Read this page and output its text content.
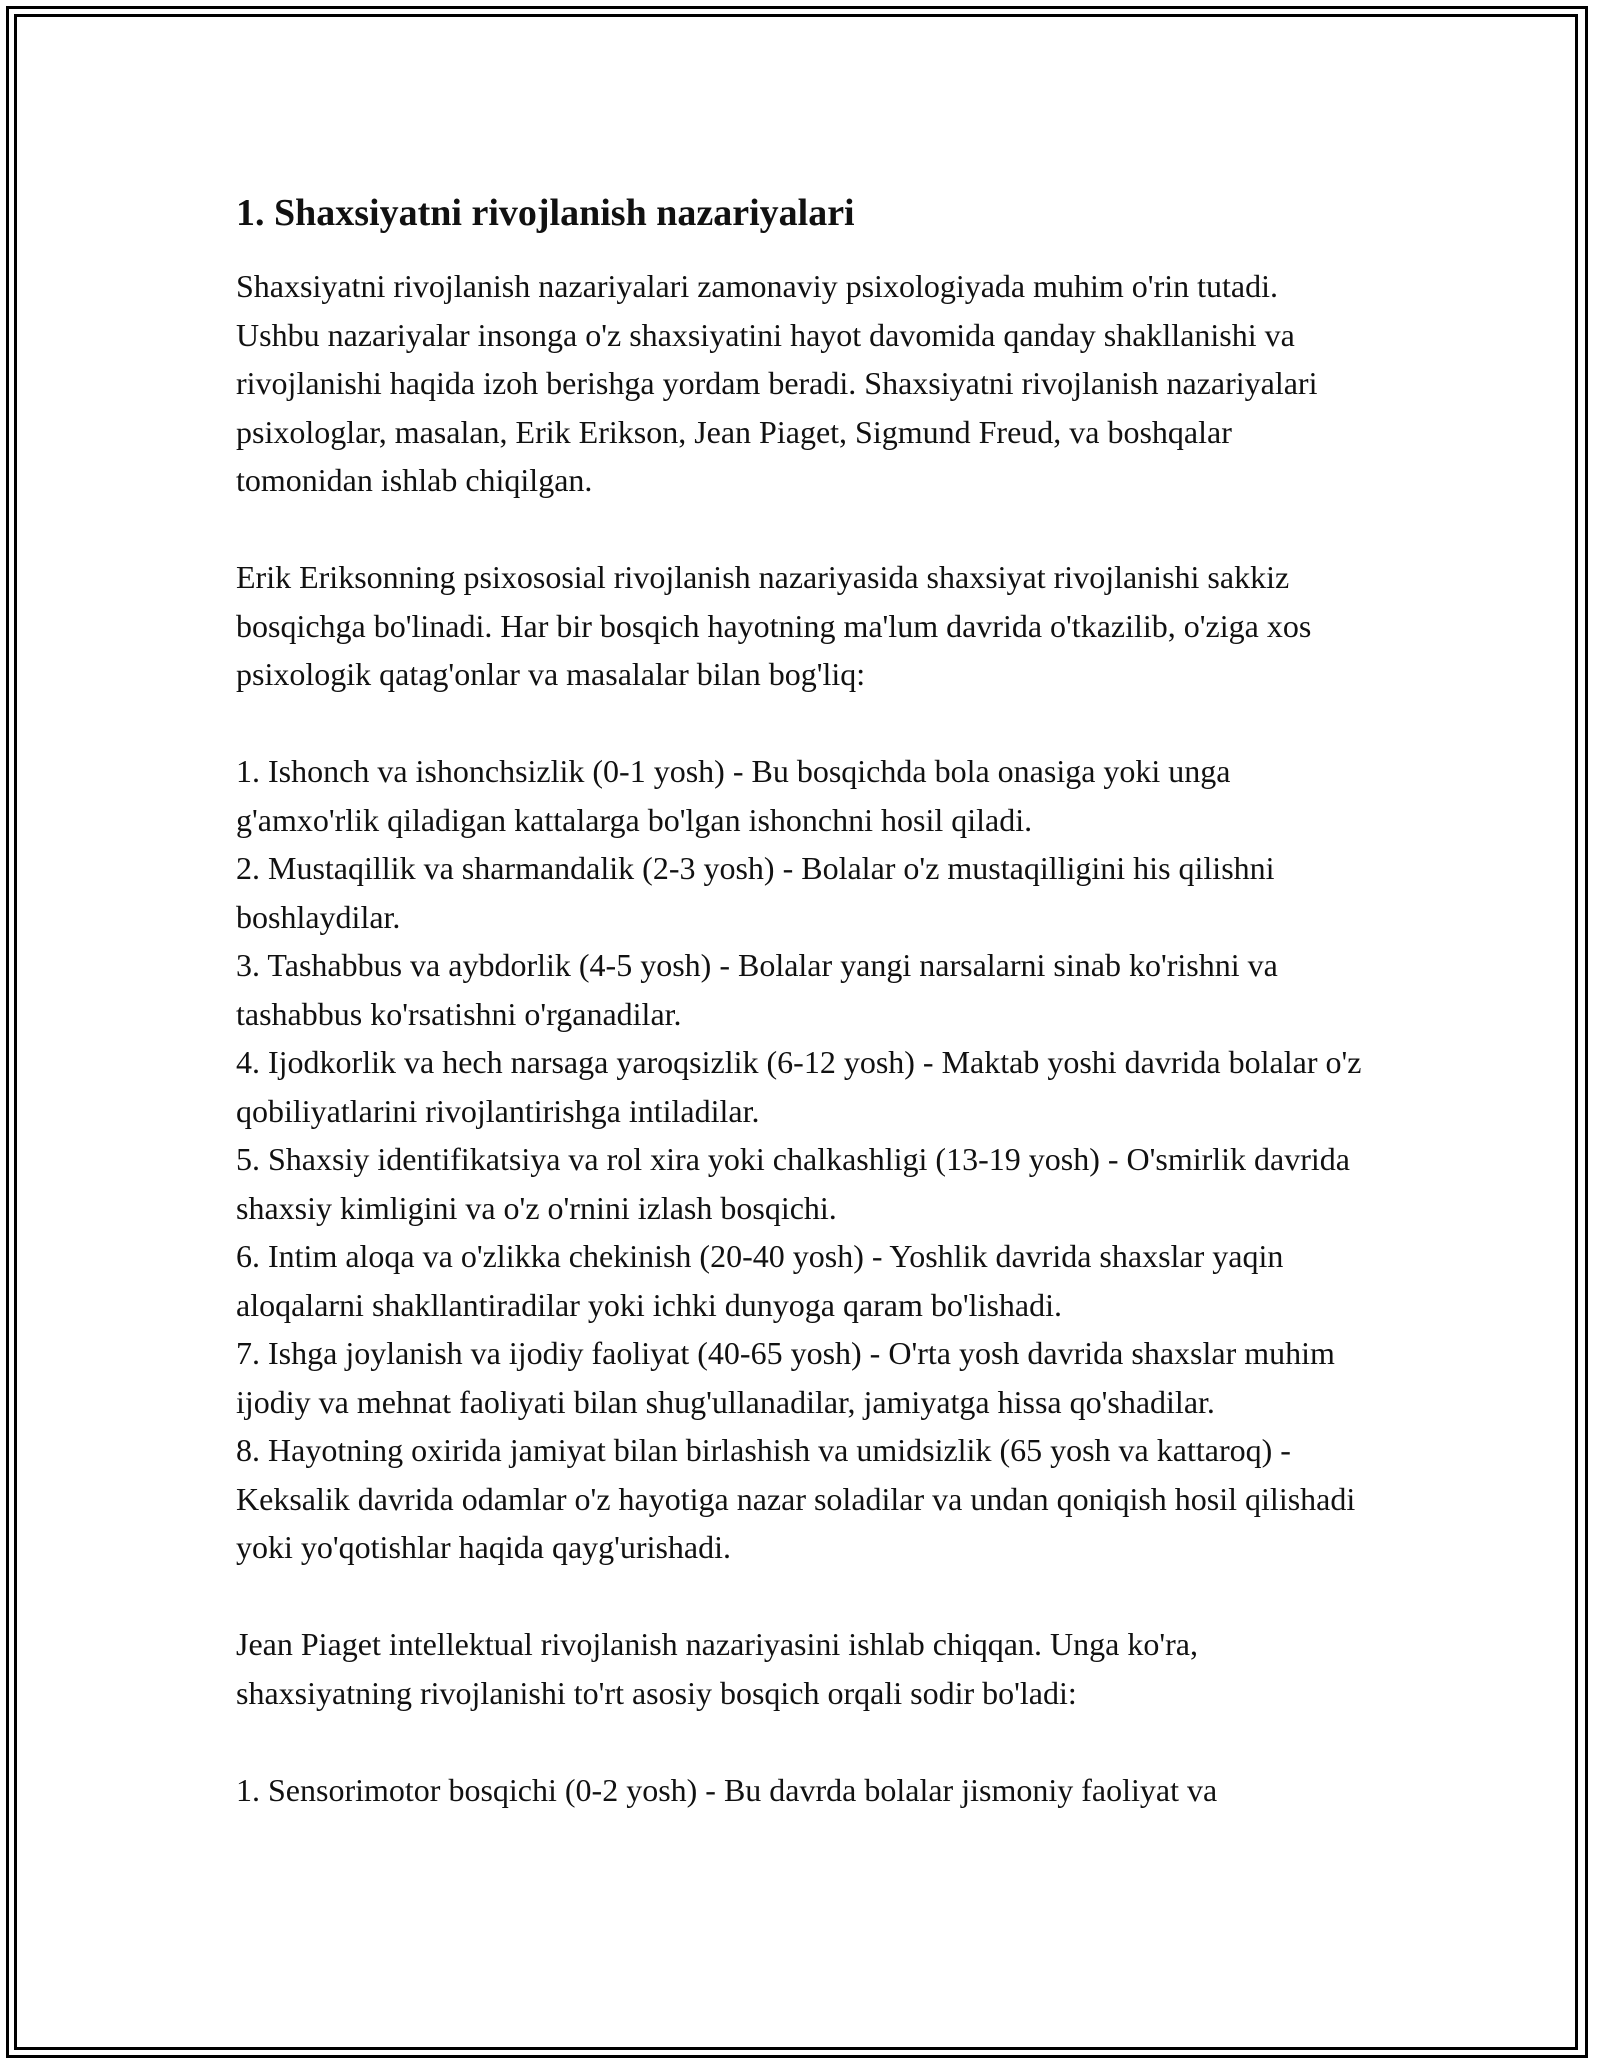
1. Shaxsiyatni rivojlanish nazariyalari

Shaxsiyatni rivojlanish nazariyalari zamonaviy psixologiyada muhim o'rin tutadi. Ushbu nazariyalar insonga o'z shaxsiyatini hayot davomida qanday shakllanishi va rivojlanishi haqida izoh berishga yordam beradi. Shaxsiyatni rivojlanish nazariyalari psixologlar, masalan, Erik Erikson, Jean Piaget, Sigmund Freud, va boshqalar tomonidan ishlab chiqilgan.

Erik Eriksonning psixososial rivojlanish nazariyasida shaxsiyat rivojlanishi sakkiz bosqichga bo'linadi. Har bir bosqich hayotning ma'lum davrida o'tkazilib, o'ziga xos psixologik qatag'onlar va masalalar bilan bog'liq:

1. Ishonch va ishonchsizlik (0-1 yosh) - Bu bosqichda bola onasiga yoki unga g'amxo'rlik qiladigan kattalarga bo'lgan ishonchni hosil qiladi.

2. Mustaqillik va sharmandalik (2-3 yosh) - Bolalar o'z mustaqilligini his qilishni boshlaydilar.

3. Tashabbus va aybdorlik (4-5 yosh) - Bolalar yangi narsalarni sinab ko'rishni va tashabbus ko'rsatishni o'rganadilar.

4. Ijodkorlik va hech narsaga yaroqsizlik (6-12 yosh) - Maktab yoshi davrida bolalar o'z qobiliyatlarini rivojlantirishga intiladilar.

5. Shaxsiy identifikatsiya va rol xira yoki chalkashligi (13-19 yosh) - O'smirlik davrida shaxsiy kimligini va o'z o'rnini izlash bosqichi.

6. Intim aloqa va o'zlikka chekinish (20-40 yosh) - Yoshlik davrida shaxslar yaqin aloqalarni shakllantiradilar yoki ichki dunyoga qaram bo'lishadi.

7. Ishga joylanish va ijodiy faoliyat (40-65 yosh) - O'rta yosh davrida shaxslar muhim ijodiy va mehnat faoliyati bilan shug'ullanadilar, jamiyatga hissa qo'shadilar.

8. Hayotning oxirida jamiyat bilan birlashish va umidsizlik (65 yosh va kattaroq) - Keksalik davrida odamlar o'z hayotiga nazar soladilar va undan qoniqish hosil qilishadi yoki yo'qotishlar haqida qayg'urishadi.

Jean Piaget intellektual rivojlanish nazariyasini ishlab chiqqan. Unga ko'ra, shaxsiyatning rivojlanishi to'rt asosiy bosqich orqali sodir bo'ladi:

1. Sensorimotor bosqichi (0-2 yosh) - Bu davrda bolalar jismoniy faoliyat va
